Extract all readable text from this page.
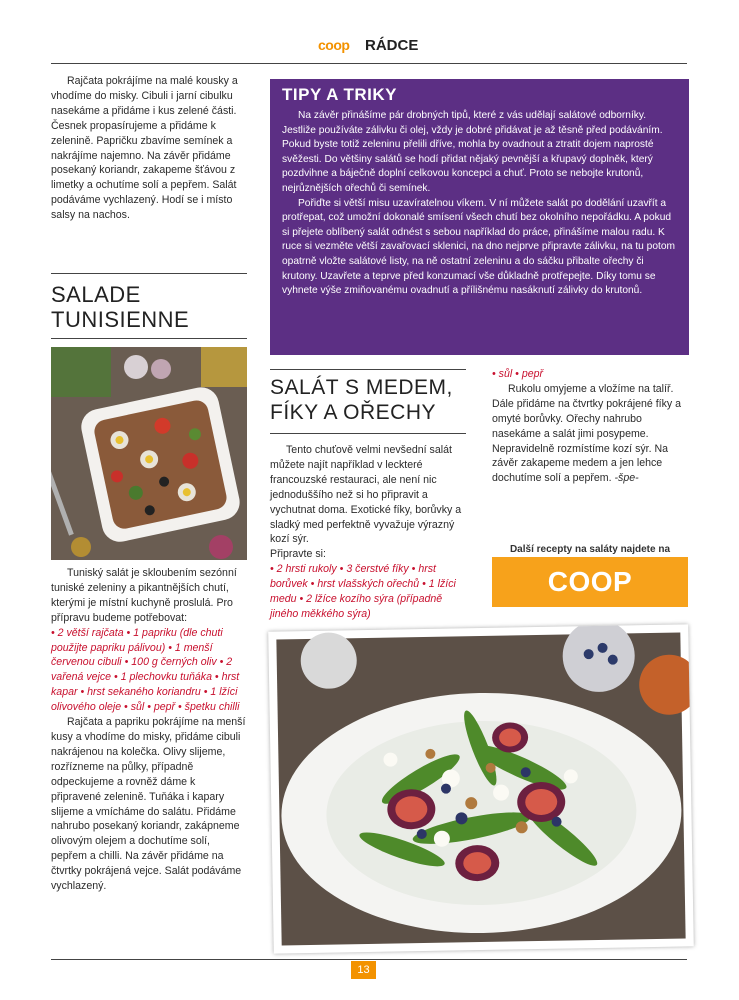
coop RÁDCE

Rajčata pokrájíme na malé kousky a vhodíme do misky. Cibuli i jarní cibulku nasekáme a přidáme i kus zelené části. Česnek propasírujeme a přidáme k zelenině. Papričku zbavíme semínek a nakrájíme najemno. Na závěr přidáme posekaný koriandr, zakapeme šťávou z limetky a ochutíme solí a pepřem. Salát podáváme vychlazený. Hodí se i místo salsy na nachos.

SALADE
TUNISIENNE

Tuniský salát je skloubením sezónní tuniské zeleniny a pikantnějších chutí, kterými je místní kuchyně proslulá. Pro přípravu budeme potřebovat:

• 2 větší rajčata • 1 papriku (dle chuti použijte papriku pálivou) • 1 menší červenou cibuli • 100 g černých oliv • 2 vařená vejce • 1 plechovku tuňáka • hrst kapar • hrst sekaného koriandru • 1 lžíci olivového oleje • sůl • pepř • špetku chilli

Rajčata a papriku pokrájíme na menší kusy a vhodíme do misky, přidáme cibuli nakrájenou na kolečka. Olivy slijeme, rozřízneme na půlky, případně odpeckujeme a rovněž dáme k připravené zelenině. Tuňáka i kapary slijeme a vmícháme do salátu. Přidáme nahrubo posekaný koriandr, zakápneme olivovým olejem a dochutíme solí, pepřem a chilli. Na závěr přidáme na čtvrtky pokrájená vejce. Salát podáváme vychlazený.

TIPY A TRIKY

Na závěr přinášíme pár drobných tipů, které z vás udělají salátové odborníky. Jestliže používáte zálivku či olej, vždy je dobré přidávat je až těsně před podáváním. Pokud byste totiž zeleninu přelili dříve, mohla by ovadnout a ztratit dojem naprosté svěžesti. Do většiny salátů se hodí přidat nějaký pevnější a křupavý doplněk, který pozdvihne a báječně doplní celkovou koncepci a chuť. Proto se nebojte krutonů, nejrůznějších ořechů či semínek.

Pořiďte si větší misu uzavíratelnou víkem. V ní můžete salát po dodělání uzavřít a protřepat, což umožní dokonalé smísení všech chutí bez okolního nepořádku. A pokud si přejete oblíbený salát odnést s sebou například do práce, přinášíme malou radu. K ruce si vezměte větší zavařovací sklenici, na dno nejprve připravte zálivku, na tu potom opatrně vložte salátové listy, na ně ostatní zeleninu a do sáčku přibalte ořechy či krutony. Uzavřete a teprve před konzumací vše důkladně protřepejte. Díky tomu se vyhnete výše zmiňovanému ovadnutí a přílišnému nasáknutí zálivky do krutonů.

SALÁT S MEDEM,
FÍKY A OŘECHY

Tento chuťově velmi nevšední salát můžete najít například v leckteré francouzské restauraci, ale není nic jednoduššího než si ho připravit a vychutnat doma. Exotické fíky, borůvky a sladký med perfektně vyvažuje výrazný kozí sýr.

Připravte si:
• 2 hrsti rukoly • 3 čerstvé fíky • hrst borůvek • hrst vlašských ořechů • 1 lžíci medu • 2 lžíce kozího sýra (případně jiného měkkého sýra)
• sůl • pepř

Rukolu omyjeme a vložíme na talíř. Dále přidáme na čtvrtky pokrájené fíky a omyté borůvky. Ořechy nahrubo nasekáme a salát jimi posypeme. Nepravidelně rozmístíme kozí sýr. Na závěr zakapeme medem a jen lehce dochutíme solí a pepřem. -špe-

Další recepty na saláty najdete na
COOP
13
